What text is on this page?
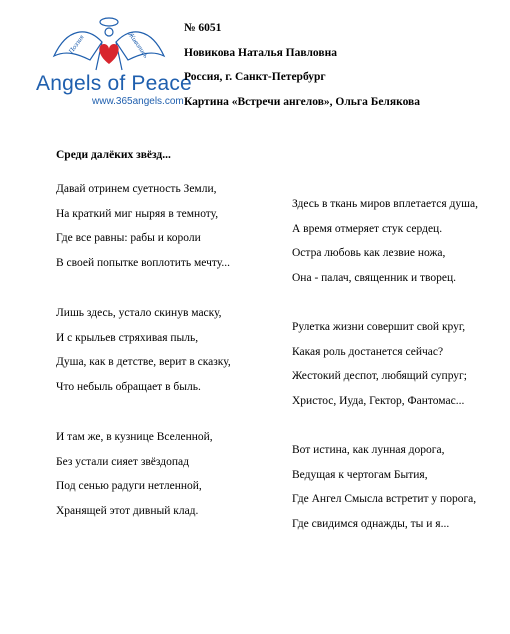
Поэзия	Живопись
Angels of Peace
www.365angels.com
№ 6051
Новикова Наталья Павловна
Россия, г. Санкт-Петербург
Картина «Встречи ангелов», Ольга Белякова
Среди далёких звёзд...
Давай отринем суетность Земли,
На краткий миг ныряя в темноту,
Где все равны: рабы и короли
В своей попытке воплотить мечту...
Лишь здесь, устало скинув маску,
И с крыльев стряхивая пыль,
Душа, как в детстве, верит в сказку,
Что небыль обращает в быль.
И там же, в кузнице Вселенной,
Без устали сияет звёздопад
Под сенью радуги нетленной,
Хранящей этот дивный клад.
Здесь в ткань миров вплетается душа,
А время отмеряет стук сердец.
Остра любовь как лезвие ножа,
Она - палач, священник и творец.
Рулетка жизни совершит свой круг,
Какая роль достанется сейчас?
Жестокий деспот, любящий супруг;
Христос, Иуда, Гектор, Фантомас...
Вот истина, как лунная дорога,
Ведущая к чертогам Бытия,
Где Ангел Смысла встретит у порога,
Где свидимся однажды, ты и я...
